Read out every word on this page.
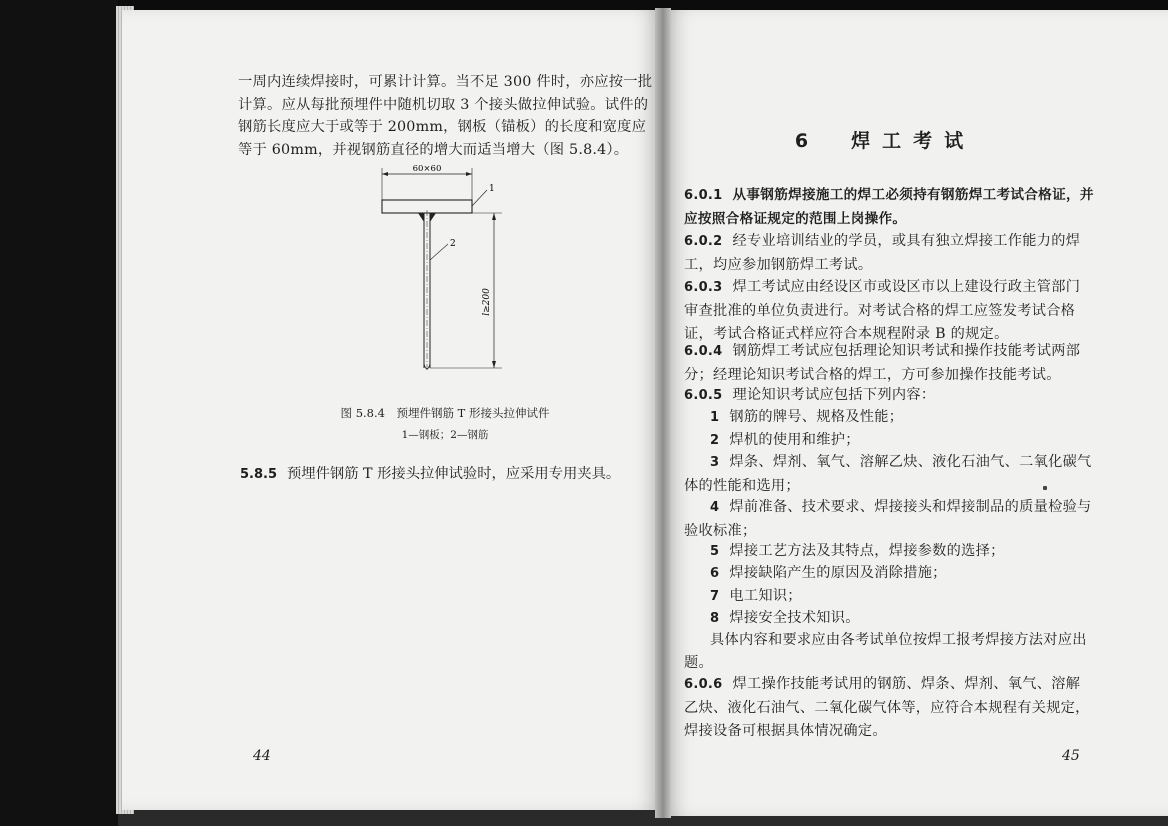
一周内连续焊接时，可累计计算。当不足 300 件时，亦应按一批计算。应从每批预埋件中随机切取 3 个接头做拉伸试验。试件的钢筋长度应大于或等于 200mm，钢板（锚板）的长度和宽度应等于 60mm，并视钢筋直径的增大而适当增大（图 5.8.4）。
60×60
1
2
l≥200
图 5.8.4　预埋件钢筋 T 形接头拉伸试件
1—钢板；2—钢筋
5.8.5 预埋件钢筋 T 形接头拉伸试验时，应采用专用夹具。
44
6　焊工考试
6.0.1 从事钢筋焊接施工的焊工必须持有钢筋焊工考试合格证，并应按照合格证规定的范围上岗操作。
6.0.2 经专业培训结业的学员，或具有独立焊接工作能力的焊工，均应参加钢筋焊工考试。
6.0.3 焊工考试应由经设区市或设区市以上建设行政主管部门审查批准的单位负责进行。对考试合格的焊工应签发考试合格证，考试合格证式样应符合本规程附录 B 的规定。
6.0.4 钢筋焊工考试应包括理论知识考试和操作技能考试两部分；经理论知识考试合格的焊工，方可参加操作技能考试。
6.0.5 理论知识考试应包括下列内容：
1 钢筋的牌号、规格及性能；
2 焊机的使用和维护；
3 焊条、焊剂、氧气、溶解乙炔、液化石油气、二氧化碳气体的性能和选用；
4 焊前准备、技术要求、焊接接头和焊接制品的质量检验与验收标准；
5 焊接工艺方法及其特点，焊接参数的选择；
6 焊接缺陷产生的原因及消除措施；
7 电工知识；
8 焊接安全技术知识。
具体内容和要求应由各考试单位按焊工报考焊接方法对应出题。
6.0.6 焊工操作技能考试用的钢筋、焊条、焊剂、氧气、溶解乙炔、液化石油气、二氧化碳气体等，应符合本规程有关规定，焊接设备可根据具体情况确定。
45
